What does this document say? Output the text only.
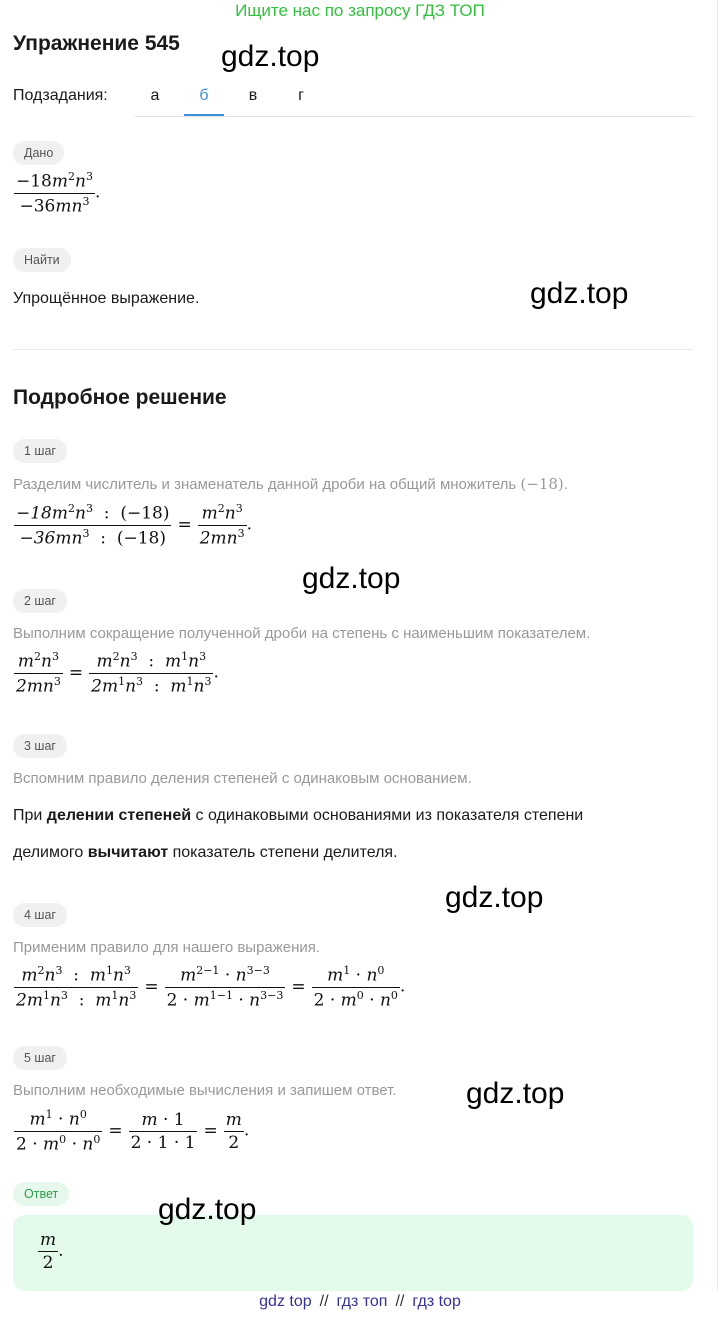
Ищите нас по запросу ГДЗ ТОП
Упражнение 545 gdz.top
Подзадания:	а	б	в	г
Дано
$\frac{-18m^2n^3}{-36mn^3}$ .
Найти
Упрощённое выражение.	gdz.top
Подробное решение
1 шаг
Разделим числитель и знаменатель данной дроби на общий множитель (−18).
$\frac{-18m^2n^3 : (-18)}{-36mn^3 : (-18)} = \frac{m^2n^3}{2mn^3}$ .
gdz.top
2 шаг
Выполним сокращение полученной дроби на степень с наименьшим показателем.
$\frac{m^2n^3}{2mn^3} = \frac{m^2n^3 : m^1n^3}{2m^1n^3 : m^1n^3}$ .
3 шаг
Вспомним правило деления степеней с одинаковым основанием.
При делении степеней с одинаковыми основаниями из показателя степени
делимого вычитают показатель степени делителя.
gdz.top
4 шаг
Применим правило для нашего выражения.
$\frac{m^2n^3 : m^1n^3}{2m^1n^3 : m^1n^3} = \frac{m^{2-1} \cdot n^{3-3}}{2 \cdot m^{1-1} \cdot n^{3-3}} = \frac{m^1 \cdot n^0}{2 \cdot m^0 \cdot n^0}$ .
5 шаг
Выполним необходимые вычисления и запишем ответ. gdz.top
$\frac{m^1 \cdot n^0}{2 \cdot m^0 \cdot n^0} = \frac{m \cdot 1}{2 \cdot 1 \cdot 1} = \frac{m}{2}$ .
Ответ	gdz.top
$\frac{m}{2}$ .
gdz top // гдз топ // гдз top
